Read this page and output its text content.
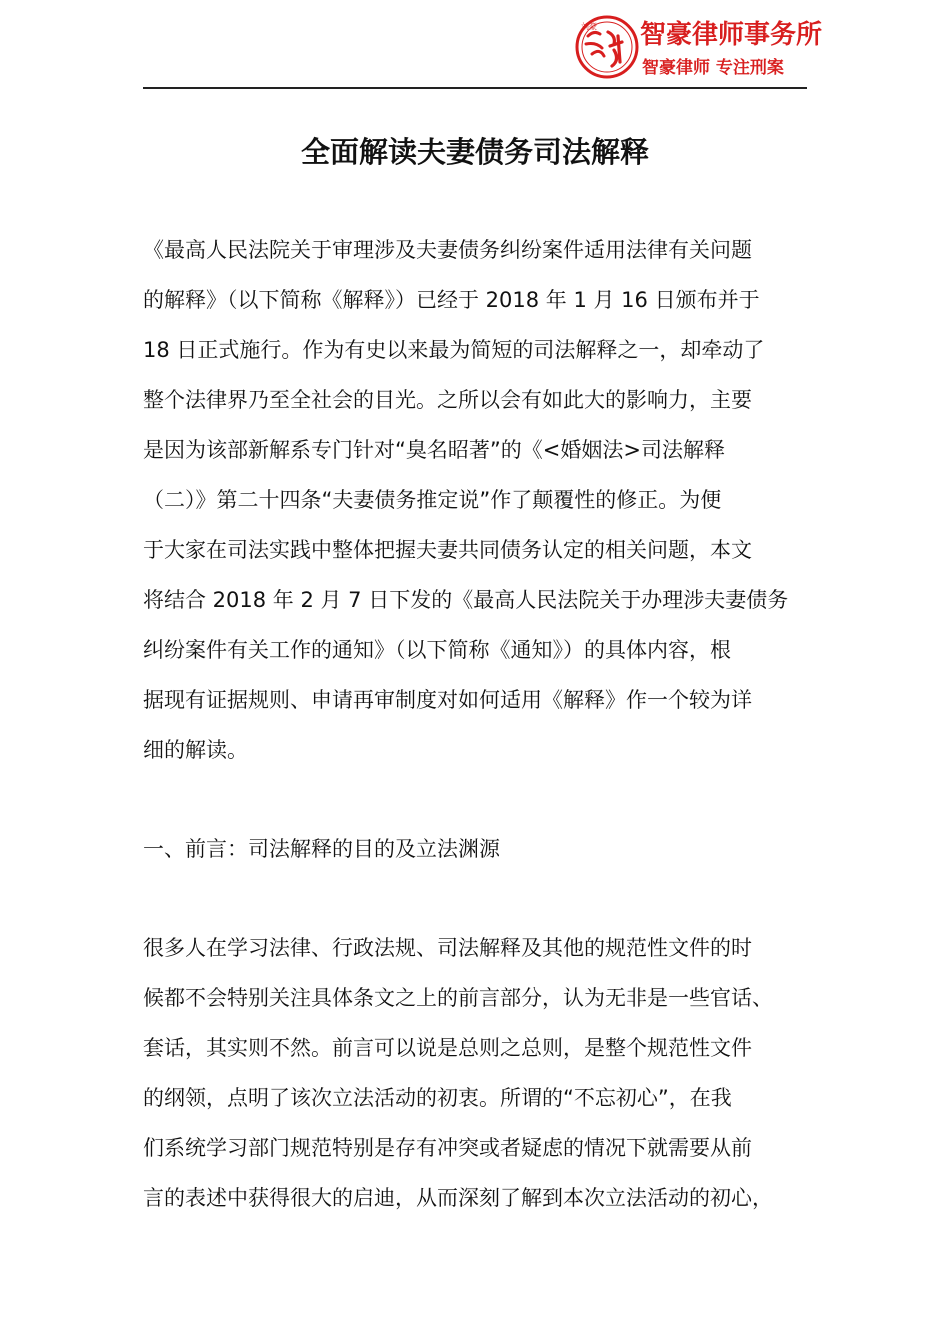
刘豪 智豪律师事务所
智豪律师 专注刑案
全面解读夫妻债务司法解释
《最高人民法院关于审理涉及夫妻债务纠纷案件适用法律有关问题
的解释》（以下简称《解释》）已经于 2018 年 1 月 16 日颁布并于
18 日正式施行。作为有史以来最为简短的司法解释之一，却牵动了
整个法律界乃至全社会的目光。之所以会有如此大的影响力，主要
是因为该部新解系专门针对“臭名昭著”的《<婚姻法>司法解释
（二）》第二十四条“夫妻债务推定说”作了颠覆性的修正。为便
于大家在司法实践中整体把握夫妻共同债务认定的相关问题，本文
将结合 2018 年 2 月 7 日下发的《最高人民法院关于办理涉夫妻债务
纠纷案件有关工作的通知》（以下简称《通知》）的具体内容，根
据现有证据规则、申请再审制度对如何适用《解释》作一个较为详
细的解读。
一、前言：司法解释的目的及立法渊源
很多人在学习法律、行政法规、司法解释及其他的规范性文件的时
候都不会特别关注具体条文之上的前言部分，认为无非是一些官话、
套话，其实则不然。前言可以说是总则之总则，是整个规范性文件
的纲领，点明了该次立法活动的初衷。所谓的“不忘初心”，在我
们系统学习部门规范特别是存有冲突或者疑虑的情况下就需要从前
言的表述中获得很大的启迪，从而深刻了解到本次立法活动的初心，
